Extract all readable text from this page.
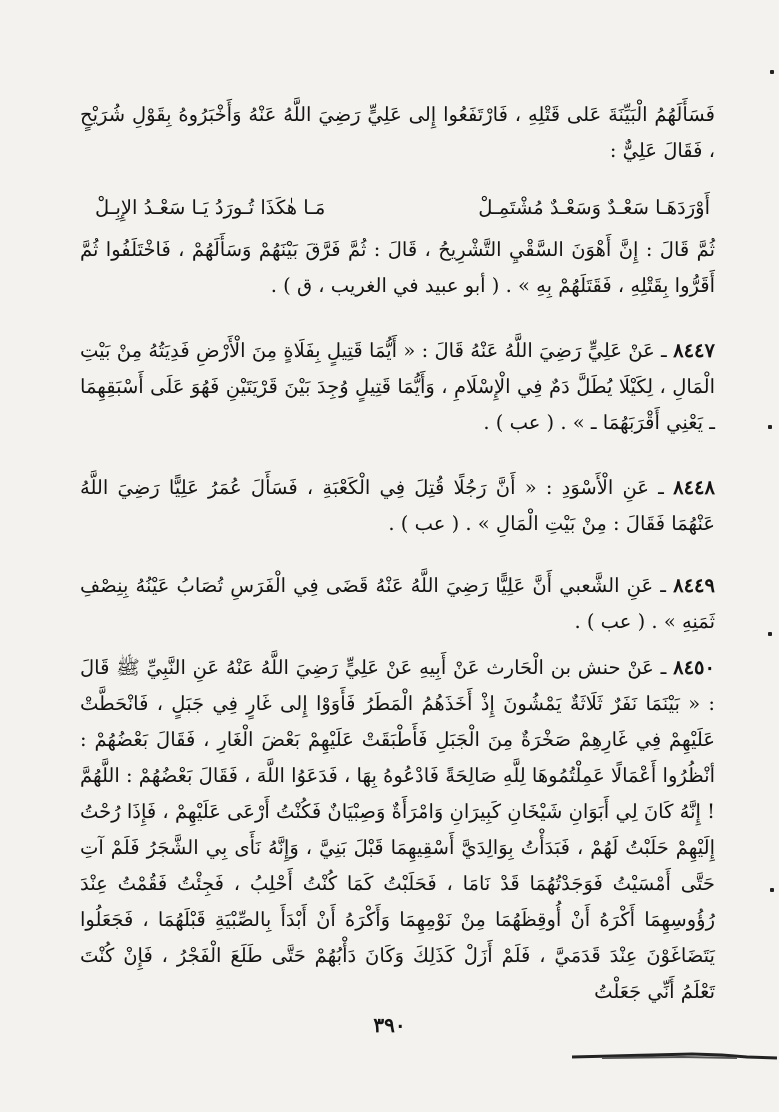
فَسَأَلَهُمُ الْبَيِّنَةَ عَلى قَتْلِهِ ، فَارْتَفَعُوا إِلى عَلِيٍّ رَضِيَ اللَّهُ عَنْهُ وَأَخْبَرُوهُ بِقَوْلِ شُرَيْحٍ ، فَقَالَ عَلِيٌّ :

أَوْرَدَهَـا سَعْـدٌ وَسَعْـدٌ مُشْتَمِـلْ
مَـا هٰكَذَا تُـورَدُ يَـا سَعْـدُ الإِبِـلْ

ثُمَّ قَالَ : إِنَّ أَهْوَنَ السَّقْيِ التَّشْرِيحُ ، قَالَ : ثُمَّ فَرَّقَ بَيْنَهُمْ وَسَأَلَهُمْ ، فَاخْتَلَفُوا ثُمَّ أَقَرُّوا بِقَتْلِهِ ، فَقَتَلَهُمْ بِهِ » . ( أبو عبيد في الغريب ، ق ) .

٨٤٤٧ ـ عَنْ عَلِيٍّ رَضِيَ اللَّهُ عَنْهُ قَالَ : « أَيُّمَا قَتِيلٍ بِفَلَاةٍ مِنَ الْأَرْضِ فَدِيَتُهُ مِنْ بَيْتِ الْمَالِ ، لِكَيْلَا يُطَلَّ دَمٌ فِي الْإِسْلَامِ ، وَأَيُّمَا قَتِيلٍ وُجِدَ بَيْنَ قَرْيَتَيْنِ فَهُوَ عَلَى أَسْبَقِهِمَا ـ يَعْنِي أَقْرَبَهُمَا ـ » . ( عب ) .

٨٤٤٨ ـ عَنِ الْأَسْوَدِ : « أَنَّ رَجُلًا قُتِلَ فِي الْكَعْبَةِ ، فَسَأَلَ عُمَرُ عَلِيًّا رَضِيَ اللَّهُ عَنْهُمَا فَقَالَ : مِنْ بَيْتِ الْمَالِ » . ( عب ) .

٨٤٤٩ ـ عَنِ الشَّعبي أَنَّ عَلِيًّا رَضِيَ اللَّهُ عَنْهُ قَضَى فِي الْفَرَسِ تُصَابُ عَيْنُهُ بِنِصْفِ ثَمَنِهِ » . ( عب ) .

٨٤٥٠ ـ عَنْ حنش بن الْحَارث عَنْ أَبِيهِ عَنْ عَلِيٍّ رَضِيَ اللَّهُ عَنْهُ عَنِ النَّبِيِّ ﷺ قَالَ : « بَيْنَمَا نَفَرٌ ثَلَاثَةٌ يَمْشُونَ إِذْ أَخَذَهُمُ الْمَطَرُ فَأَوَوْا إِلى غَارٍ فِي جَبَلٍ ، فَانْحَطَّتْ عَلَيْهِمْ فِي غَارِهِمْ صَخْرَةٌ مِنَ الْجَبَلِ فَأَطْبَقَتْ عَلَيْهِمْ بَعْضَ الْغَارِ ، فَقَالَ بَعْضُهُمْ : أنْظُرُوا أَعْمَالًا عَمِلْتُمُوهَا لِلَّهِ صَالِحَةً فَادْعُوهُ بِهَا ، فَدَعَوُا اللَّهَ ، فَقَالَ بَعْضُهُمْ : اللَّهُمَّ ! إِنَّهُ كَانَ لِي أَبَوَانِ شَيْخَانِ كَبِيرَانِ وَامْرَأَةٌ وَصِبْيَانٌ فَكُنْتُ أَرْعَى عَلَيْهِمْ ، فَإِذَا رُحْتُ إِلَيْهِمْ حَلَبْتُ لَهُمْ ، فَبَدَأْتُ بِوَالِدَيَّ أَسْقِيهِمَا قَبْلَ بَنِيَّ ، وَإِنَّهُ نَأَى بِي الشَّجَرُ فَلَمْ آتِ حَتَّى أَمْسَيْتُ فَوَجَدْتُهُمَا قَدْ نَامَا ، فَحَلَبْتُ كَمَا كُنْتُ أَحْلِبُ ، فَجِئْتُ فَقُمْتُ عِنْدَ رُؤُوسِهِمَا أَكْرَهُ أَنْ أُوقِظَهُمَا مِنْ نَوْمِهِمَا وَأَكْرَهُ أَنْ أَبْدَأَ بِالصِّبْيَةِ قَبْلَهُمَا ، فَجَعَلُوا يَتَضَاغَوْنَ عِنْدَ قَدَمَيَّ ، فَلَمْ أَزَلْ كَذَلِكَ وَكَانَ دَأْبُهُمْ حَتَّى طَلَعَ الْفَجْرُ ، فَإِنْ كُنْتَ تَعْلَمُ أَنِّي جَعَلْتُ

٣٩٠
